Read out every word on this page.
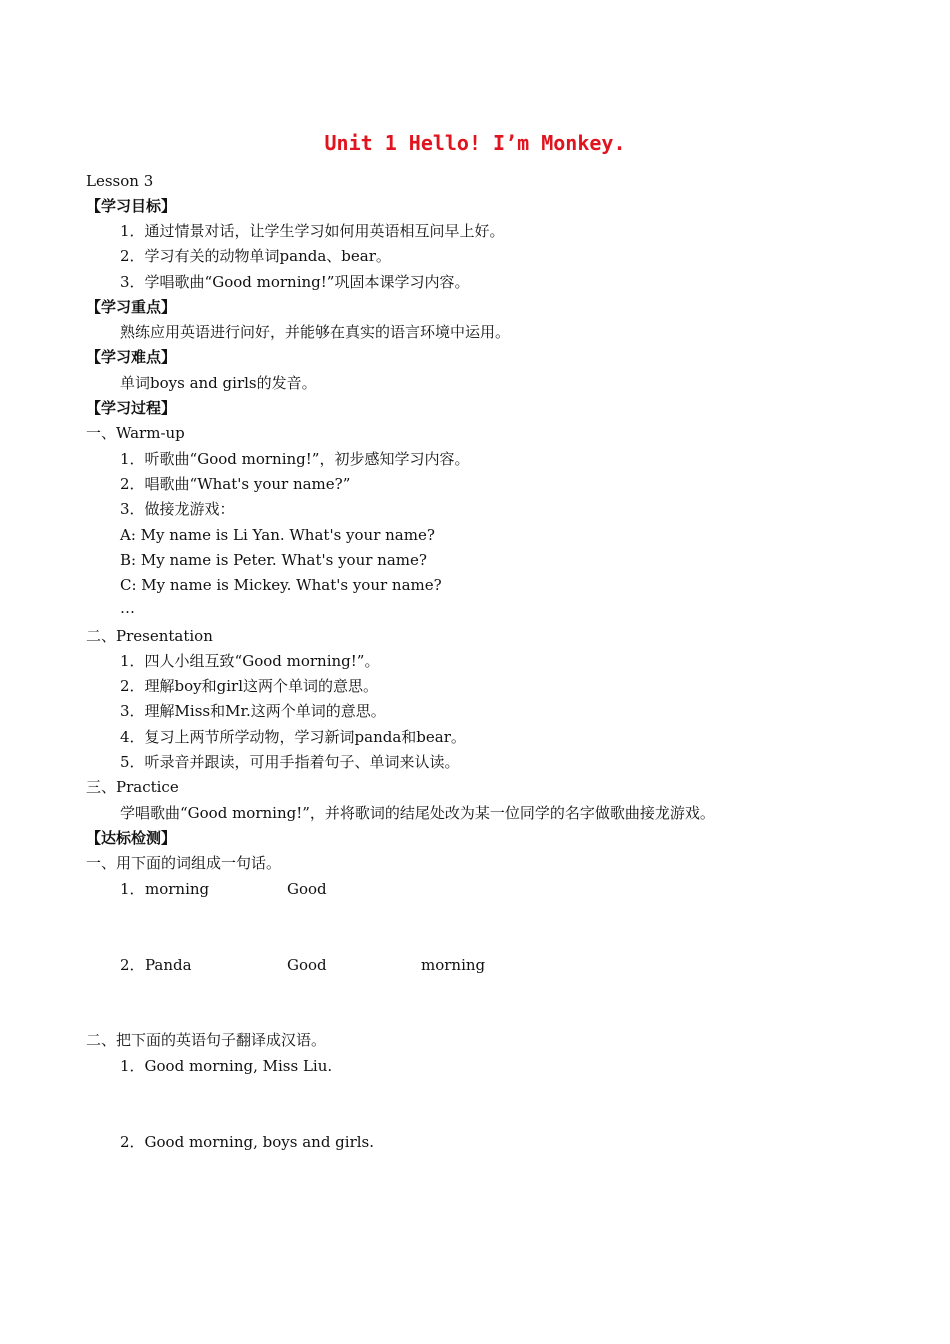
Unit 1 Hello! I’m Monkey.
Lesson 3
【学习目标】
1．通过情景对话，让学生学习如何用英语相互问早上好。
2．学习有关的动物单词panda、bear。
3．学唱歌曲“Good morning!”巩固本课学习内容。
【学习重点】
熟练应用英语进行问好，并能够在真实的语言环境中运用。
【学习难点】
单词boys and girls的发音。
【学习过程】
一、Warm-up
1．听歌曲“Good morning!”，初步感知学习内容。
2．唱歌曲“What's your name?”
3．做接龙游戏：
A: My name is Li Yan. What's your name?
B: My name is Peter. What's your name?
C: My name is Mickey. What's your name?
…
二、Presentation
1．四人小组互致“Good morning!”。
2．理解boy和girl这两个单词的意思。
3．理解Miss和Mr.这两个单词的意思。
4．复习上两节所学动物，学习新词panda和bear。
5．听录音并跟读，可用手指着句子、单词来认读。
三、Practice
学唱歌曲“Good morning!”，并将歌词的结尾处改为某一位同学的名字做歌曲接龙游戏。
【达标检测】
一、用下面的词组成一句话。
1． morning	Good
2． Panda	Good	morning
二、把下面的英语句子翻译成汉语。
1．Good morning, Miss Liu.
2．Good morning, boys and girls.
